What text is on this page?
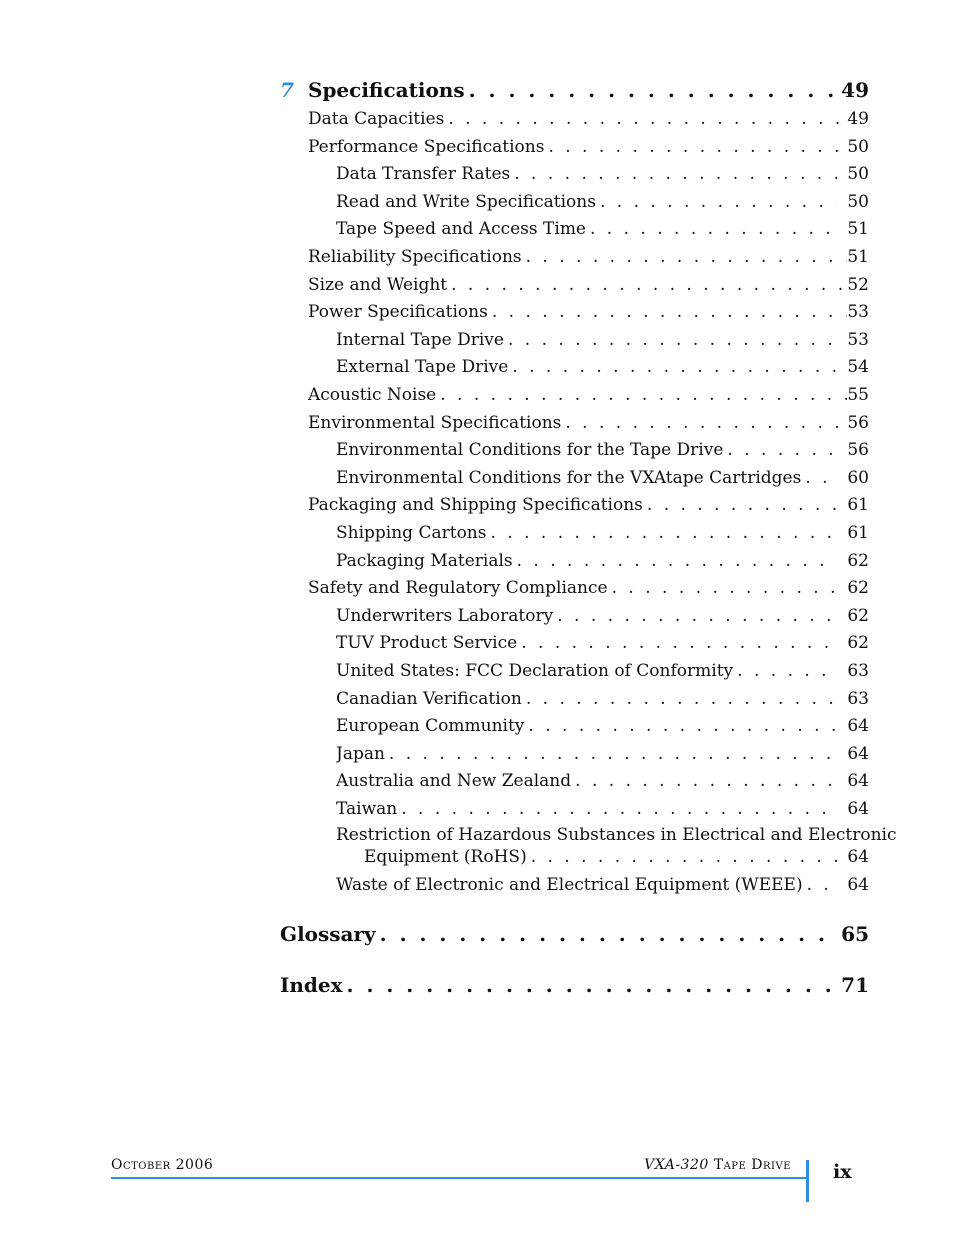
7 Specifications . . .	49
Data Capacities . . .	49
Performance Specifications . . .	50
Data Transfer Rates . . .	50
Read and Write Specifications . . .	50
Tape Speed and Access Time . . .	51
Reliability Specifications . . .	51
Size and Weight . . .	52
Power Specifications . . .	53
Internal Tape Drive . . .	53
External Tape Drive . . .	54
Acoustic Noise . . .	55
Environmental Specifications . . .	56
Environmental Conditions for the Tape Drive . . .	56
Environmental Conditions for the VXAtape Cartridges . . .	60
Packaging and Shipping Specifications . . .	61
Shipping Cartons . . .	61
Packaging Materials . . .	62
Safety and Regulatory Compliance . . .	62
Underwriters Laboratory . . .	62
TUV Product Service . . .	62
United States: FCC Declaration of Conformity . . .	63
Canadian Verification . . .	63
European Community . . .	64
Japan . . .	64
Australia and New Zealand . . .	64
Taiwan . . .	64
Restriction of Hazardous Substances in Electrical and Electronic
Equipment (RoHS) . . .	64
Waste of Electronic and Electrical Equipment (WEEE) . . .	64
Glossary . . .	65
Index . . .	71
October 2006	VXA-320 Tape Drive ix
